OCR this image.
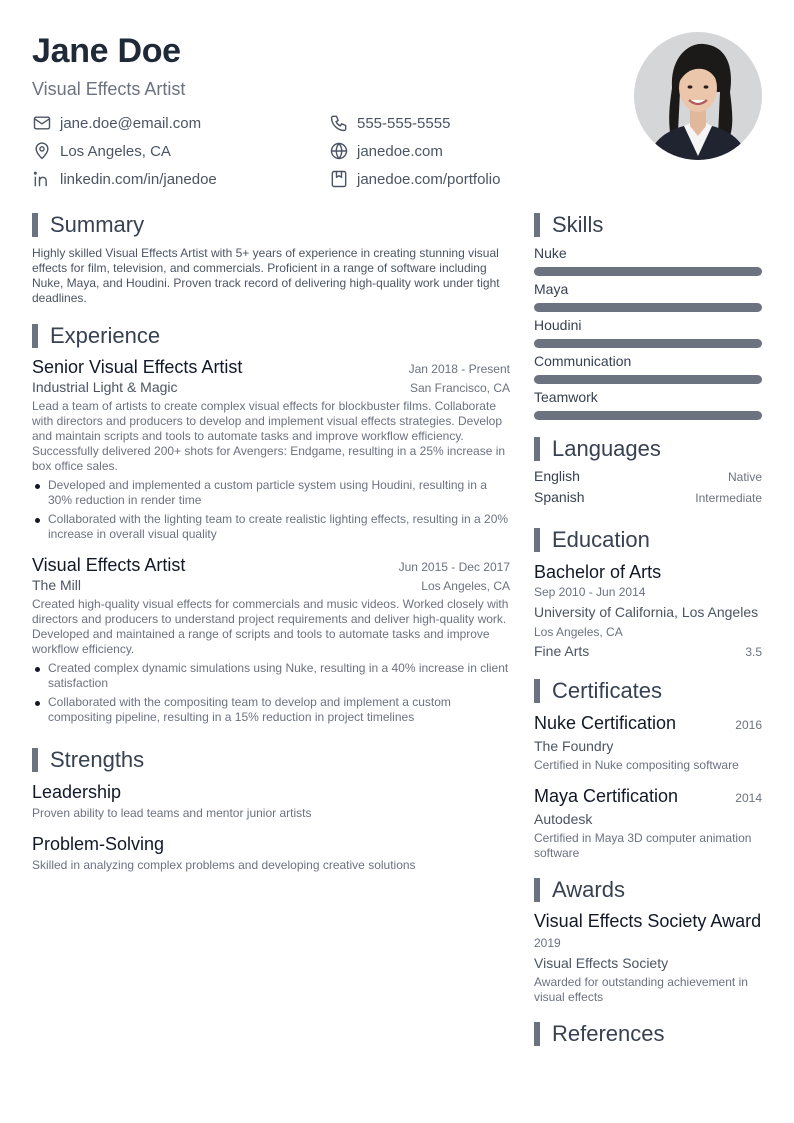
Jane Doe
Visual Effects Artist
jane.doe@email.com	555-555-5555
Los Angeles, CA	janedoe.com
linkedin.com/in/janedoe	janedoe.com/portfolio
Summary
Highly skilled Visual Effects Artist with 5+ years of experience in creating stunning visual effects for film, television, and commercials. Proficient in a range of software including Nuke, Maya, and Houdini. Proven track record of delivering high-quality work under tight deadlines.
Experience
Senior Visual Effects Artist	Jan 2018 - Present
Industrial Light & Magic	San Francisco, CA
Lead a team of artists to create complex visual effects for blockbuster films. Collaborate with directors and producers to develop and implement visual effects strategies. Develop and maintain scripts and tools to automate tasks and improve workflow efficiency. Successfully delivered 200+ shots for Avengers: Endgame, resulting in a 25% increase in box office sales.
Developed and implemented a custom particle system using Houdini, resulting in a 30% reduction in render time
Collaborated with the lighting team to create realistic lighting effects, resulting in a 20% increase in overall visual quality
Visual Effects Artist	Jun 2015 - Dec 2017
The Mill	Los Angeles, CA
Created high-quality visual effects for commercials and music videos. Worked closely with directors and producers to understand project requirements and deliver high-quality work. Developed and maintained a range of scripts and tools to automate tasks and improve workflow efficiency.
Created complex dynamic simulations using Nuke, resulting in a 40% increase in client satisfaction
Collaborated with the compositing team to develop and implement a custom compositing pipeline, resulting in a 15% reduction in project timelines
Strengths
Leadership
Proven ability to lead teams and mentor junior artists
Problem-Solving
Skilled in analyzing complex problems and developing creative solutions
Skills
Nuke
Maya
Houdini
Communication
Teamwork
Languages
English	Native
Spanish	Intermediate
Education
Bachelor of Arts
Sep 2010 - Jun 2014
University of California, Los Angeles
Los Angeles, CA
Fine Arts	3.5
Certificates
Nuke Certification	2016
The Foundry
Certified in Nuke compositing software
Maya Certification	2014
Autodesk
Certified in Maya 3D computer animation software
Awards
Visual Effects Society Award
2019
Visual Effects Society
Awarded for outstanding achievement in visual effects
References
